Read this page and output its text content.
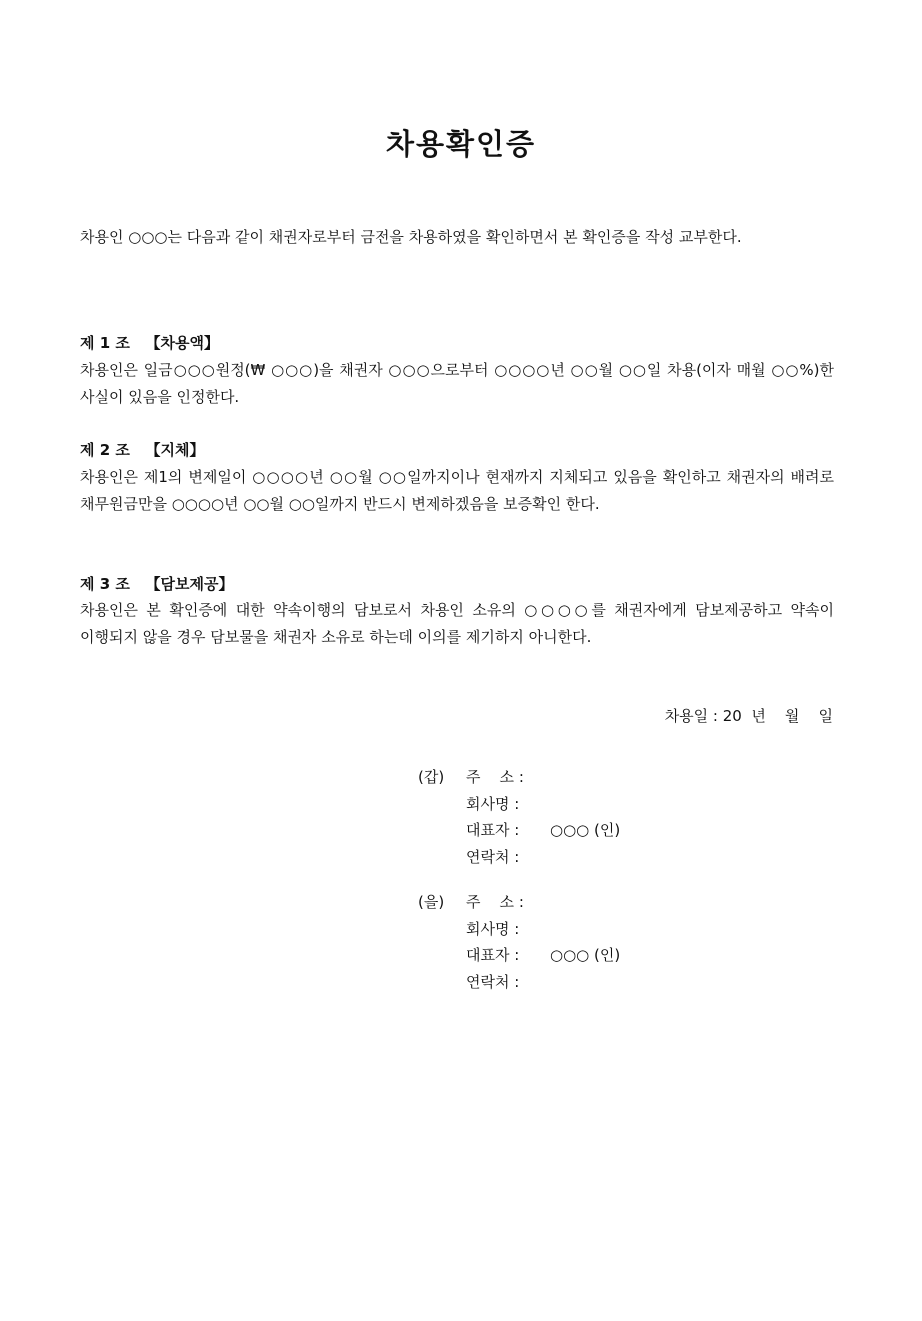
차용확인증
차용인 ○○○는 다음과 같이 채권자로부터 금전을 차용하였을 확인하면서 본 확인증을 작성 교부한다.
제 1 조   【차용액】
차용인은 일금○○○원정(₩ ○○○)을 채권자 ○○○으로부터 ○○○○년 ○○월 ○○일 차용(이자 매월 ○○%)한 사실이 있음을 인정한다.
제 2 조   【지체】
차용인은 제1의 변제일이 ○○○○년 ○○월 ○○일까지이나 현재까지 지체되고 있음을 확인하고 채권자의 배려로 채무원금만을 ○○○○년 ○○월 ○○일까지 반드시 변제하겠음을 보증확인 한다.
제 3 조   【담보제공】
차용인은 본 확인증에 대한 약속이행의 담보로서 차용인 소유의 ○○○○를 채권자에게 담보제공하고 약속이 이행되지 않을 경우 담보물을 채권자 소유로 하는데 이의를 제기하지 아니한다.
차용일 : 20  년    월    일

(갑)

주    소 :

회사명 :

대표자 :

○○○ (인)

연락처 :

(을)

주    소 :

회사명 :

대표자 :

○○○ (인)

연락처 :
